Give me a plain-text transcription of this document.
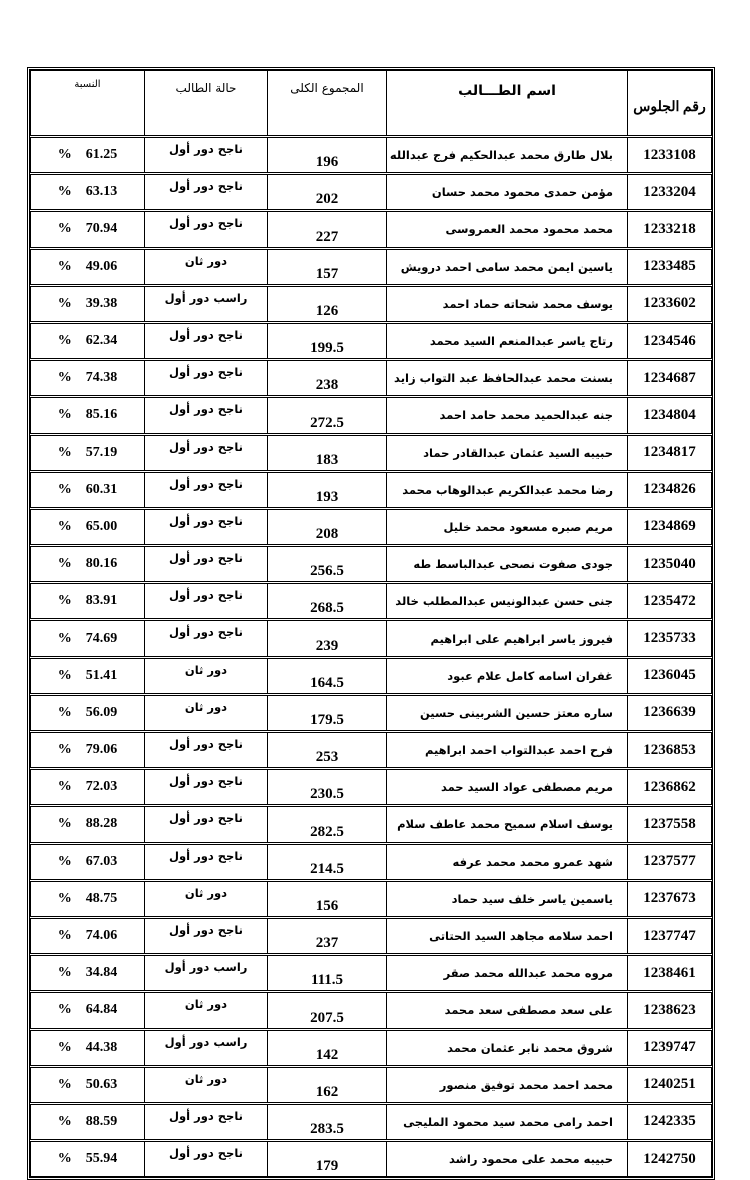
رقم الجلوس	اسم الطـــالب	المجموع الكلى	حالة الطالب	النسبة
1233108	بلال طارق محمد عبدالحكيم فرج عبدالله	196	ناجح دور أول	% 61.25
1233204	مؤمن حمدى محمود محمد حسان	202	ناجح دور أول	% 63.13
1233218	محمد محمود محمد العمروسى	227	ناجح دور أول	% 70.94
1233485	ياسين ايمن محمد سامى احمد درويش	157	دور ثان	% 49.06
1233602	يوسف محمد شحاته حماد احمد	126	راسب دور أول	% 39.38
1234546	رتاج ياسر عبدالمنعم السيد محمد	199.5	ناجح دور أول	% 62.34
1234687	بسنت محمد عبدالحافظ عبد التواب زايد	238	ناجح دور أول	% 74.38
1234804	جنه عبدالحميد محمد حامد احمد	272.5	ناجح دور أول	% 85.16
1234817	حبيبه السيد عثمان عبدالقادر حماد	183	ناجح دور أول	% 57.19
1234826	رضا محمد عبدالكريم عبدالوهاب محمد	193	ناجح دور أول	% 60.31
1234869	مريم صبره مسعود محمد خليل	208	ناجح دور أول	% 65.00
1235040	جودى صفوت نصحى عبدالباسط طه	256.5	ناجح دور أول	% 80.16
1235472	جنى حسن عبدالونيس عبدالمطلب خالد	268.5	ناجح دور أول	% 83.91
1235733	فيروز ياسر ابراهيم على ابراهيم	239	ناجح دور أول	% 74.69
1236045	غفران اسامه كامل علام عبود	164.5	دور ثان	% 51.41
1236639	ساره معتز حسين الشربينى حسين	179.5	دور ثان	% 56.09
1236853	فرح احمد عبدالتواب احمد ابراهيم	253	ناجح دور أول	% 79.06
1236862	مريم مصطفى عواد السيد حمد	230.5	ناجح دور أول	% 72.03
1237558	يوسف اسلام سميح محمد عاطف سلام	282.5	ناجح دور أول	% 88.28
1237577	شهد عمرو محمد محمد عرفه	214.5	ناجح دور أول	% 67.03
1237673	ياسمين ياسر خلف سيد حماد	156	دور ثان	% 48.75
1237747	احمد سلامه مجاهد السيد الحتاتى	237	ناجح دور أول	% 74.06
1238461	مروه محمد عبدالله محمد صقر	111.5	راسب دور أول	% 34.84
1238623	على سعد مصطفى سعد محمد	207.5	دور ثان	% 64.84
1239747	شروق محمد نابر عثمان محمد	142	راسب دور أول	% 44.38
1240251	محمد احمد محمد توفيق منصور	162	دور ثان	% 50.63
1242335	احمد رامى محمد سيد محمود المليجى	283.5	ناجح دور أول	% 88.59
1242750	حبيبه محمد على محمود راشد	179	ناجح دور أول	% 55.94
